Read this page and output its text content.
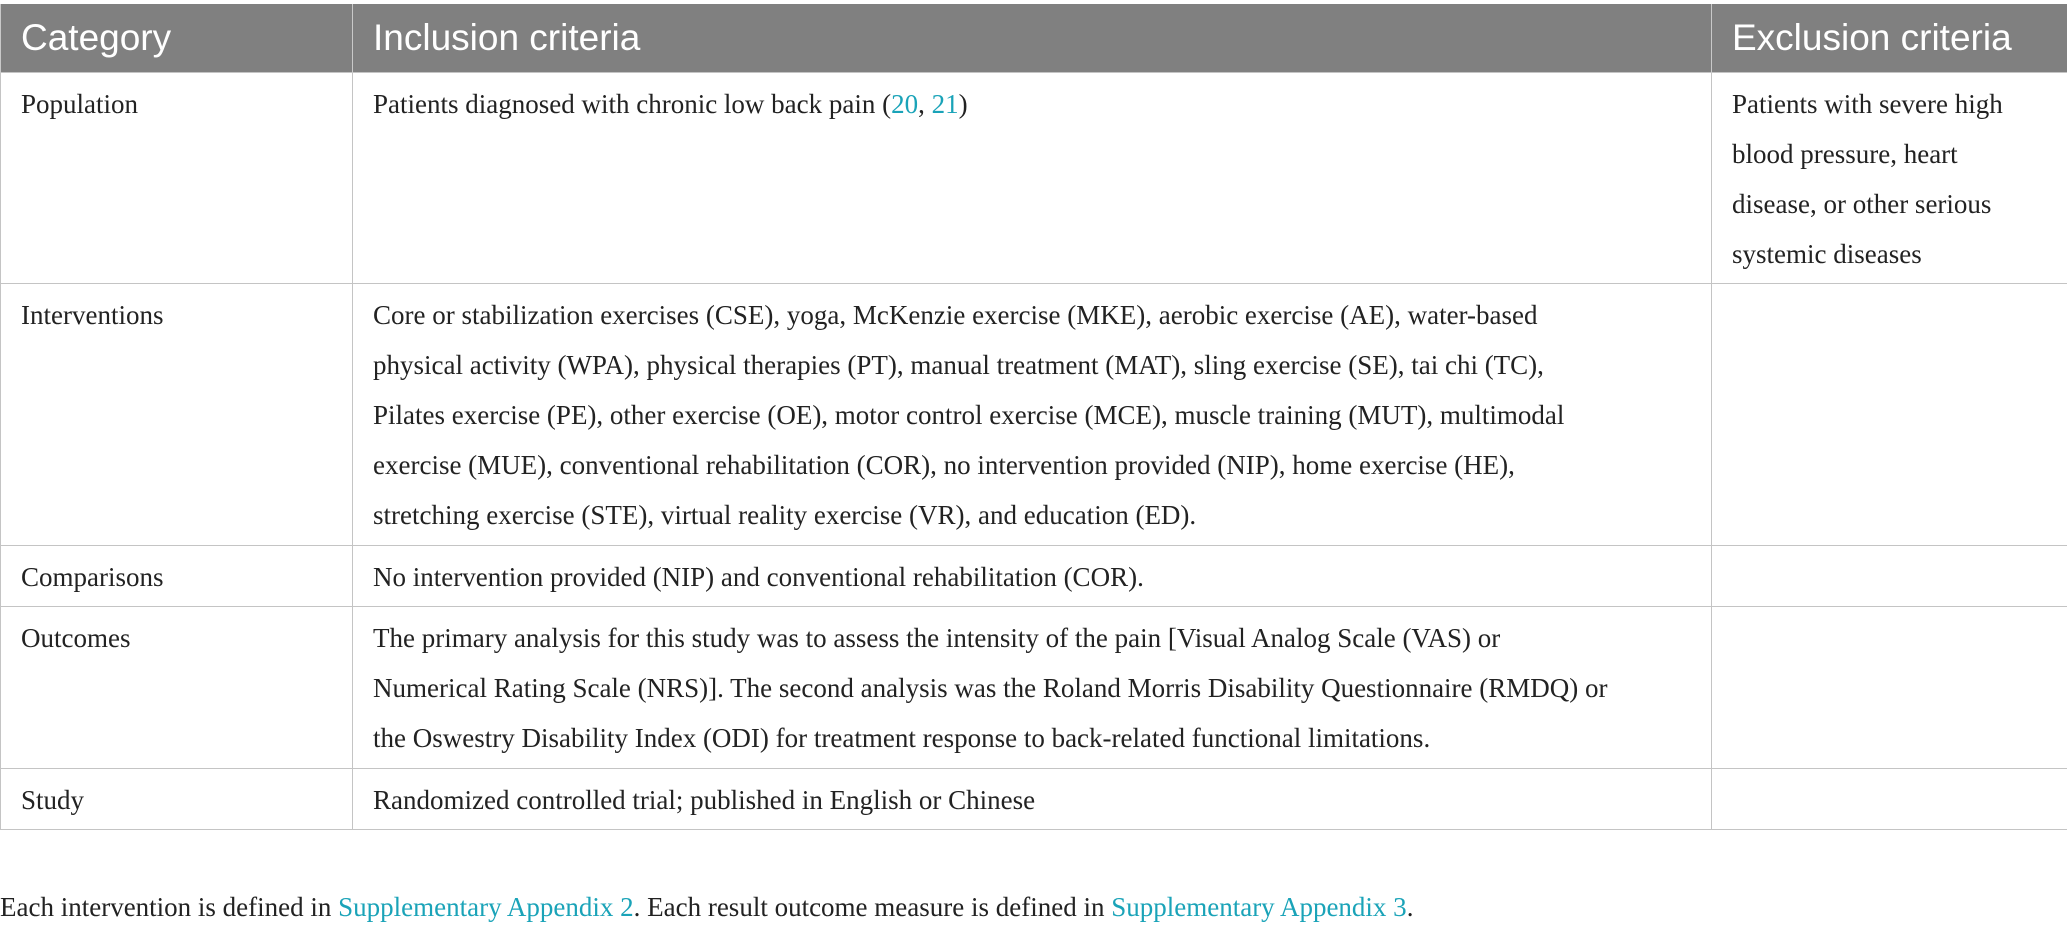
Category	Inclusion criteria	Exclusion criteria
Population	Patients diagnosed with chronic low back pain (20, 21)	Patients with severe high
blood pressure, heart
disease, or other serious
systemic diseases
Interventions	Core or stabilization exercises (CSE), yoga, McKenzie exercise (MKE), aerobic exercise (AE), water-based
physical activity (WPA), physical therapies (PT), manual treatment (MAT), sling exercise (SE), tai chi (TC),
Pilates exercise (PE), other exercise (OE), motor control exercise (MCE), muscle training (MUT), multimodal
exercise (MUE), conventional rehabilitation (COR), no intervention provided (NIP), home exercise (HE),
stretching exercise (STE), virtual reality exercise (VR), and education (ED).	
Comparisons	No intervention provided (NIP) and conventional rehabilitation (COR).	
Outcomes	The primary analysis for this study was to assess the intensity of the pain [Visual Analog Scale (VAS) or
Numerical Rating Scale (NRS)]. The second analysis was the Roland Morris Disability Questionnaire (RMDQ) or
the Oswestry Disability Index (ODI) for treatment response to back-related functional limitations.	
Study	Randomized controlled trial; published in English or Chinese	
Each intervention is defined in Supplementary Appendix 2. Each result outcome measure is defined in Supplementary Appendix 3.
